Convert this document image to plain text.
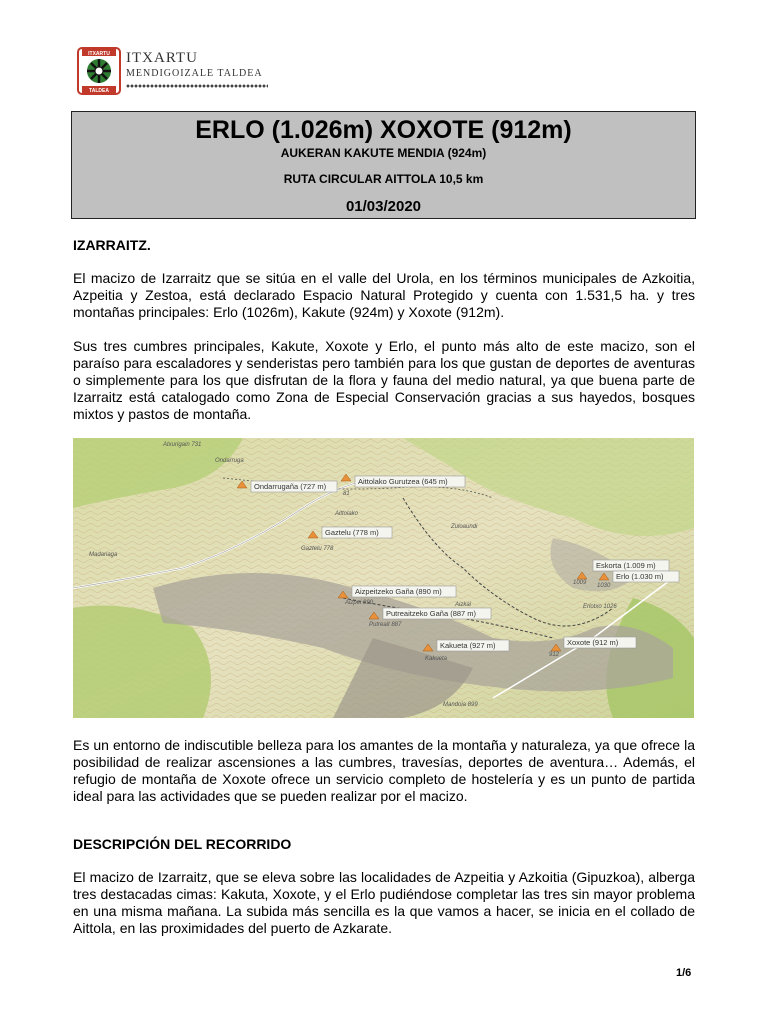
ITXARTU
TALDEA
ITXARTU
MENDIGOIZALE TALDEA
ERLO (1.026m) XOXOTE (912m)
AUKERAN KAKUTE MENDIA (924m)
RUTA CIRCULAR AITTOLA 10,5 km
01/03/2020
IZARRAITZ.
El macizo de Izarraitz que se sitúa en el valle del Urola, en los términos municipales de Azkoitia, Azpeitia y Zestoa, está declarado Espacio Natural Protegido y cuenta con 1.531,5 ha. y tres montañas principales: Erlo (1026m), Kakute (924m) y Xoxote (912m).
Sus tres cumbres principales, Kakute, Xoxote y Erlo, el punto más alto de este macizo, son el paraíso para escaladores y senderistas pero también para los que gustan de deportes de aventuras o simplemente para los que disfrutan de la flora y fauna del medio natural, ya que buena parte de Izarraitz está catalogado como Zona de Especial Conservación gracias a sus hayedos, bosques mixtos y pastos de montaña.
Ondarrugaña (727 m)
Aittolako Gurutzea (645 m)
Gaztelu (778 m)
Aizpeitzeko Gaña (890 m)
Putreaitzeko Gaña (887 m)
Kakueta (927 m)	Xoxote (912 m)
Eskorta (1.009 m)
Erlo (1.030 m)
Atxurigain 731
Ondarruga
Gaztelu 778
Aittolako
Madariaga
Zuloaundi
Aizpei 890
Putreait 887
Aizkai
Kakueta
912
1009 1030
Erlotxo 1026
Mandoia 899
81
Es un entorno de indiscutible belleza para los amantes de la montaña y naturaleza, ya que ofrece la posibilidad de realizar ascensiones a las cumbres, travesías, deportes de aventura… Además, el refugio de montaña de Xoxote ofrece un servicio completo de hostelería y es un punto de partida ideal para las actividades que se pueden realizar por el macizo.
DESCRIPCIÓN DEL RECORRIDO
El macizo de Izarraitz, que se eleva sobre las localidades de Azpeitia y Azkoitia (Gipuzkoa), alberga tres destacadas cimas: Kakuta, Xoxote, y el Erlo pudiéndose completar las tres sin mayor problema en una misma mañana. La subida más sencilla es la que vamos a hacer, se inicia en el collado de Aittola, en las proximidades del puerto de Azkarate.
1/6
